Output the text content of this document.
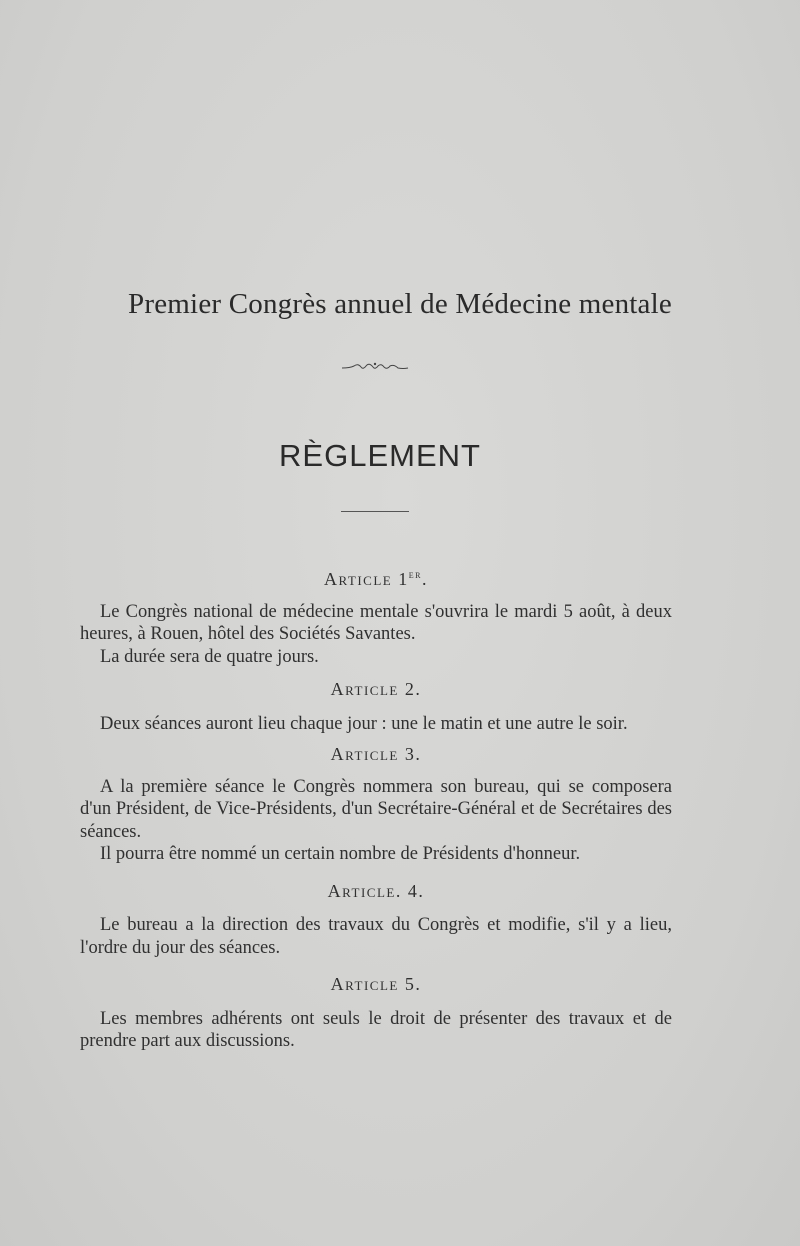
Premier Congrès annuel de Médecine mentale
RÈGLEMENT
Article 1er.

Le Congrès national de médecine mentale s'ouvrira le mardi 5 août, à deux heures, à Rouen, hôtel des Sociétés Savantes.

La durée sera de quatre jours.

Article 2.

Deux séances auront lieu chaque jour : une le matin et une autre le soir.

Article 3.

A la première séance le Congrès nommera son bureau, qui se composera d'un Président, de Vice-Présidents, d'un Secrétaire-Général et de Secrétaires des séances.

Il pourra être nommé un certain nombre de Présidents d'honneur.

Article. 4.

Le bureau a la direction des travaux du Congrès et modifie, s'il y a lieu, l'ordre du jour des séances.

Article 5.

Les membres adhérents ont seuls le droit de présenter des travaux et de prendre part aux discussions.
